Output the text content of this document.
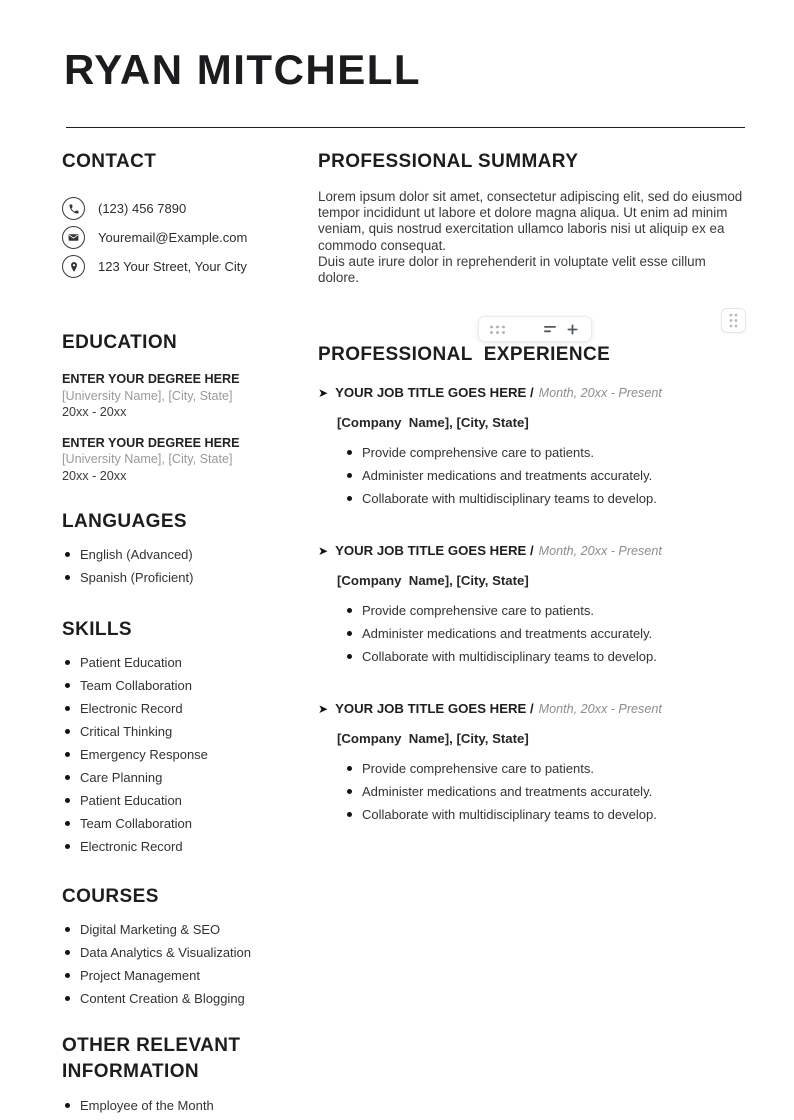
RYAN MITCHELL
CONTACT
(123) 456 7890
Youremail@Example.com
123 Your Street, Your City
EDUCATION
ENTER YOUR DEGREE HERE
[University Name], [City, State]
20xx - 20xx
ENTER YOUR DEGREE HERE
[University Name], [City, State]
20xx - 20xx
LANGUAGES
English (Advanced)
Spanish (Proficient)
SKILLS
Patient Education
Team Collaboration
Electronic Record
Critical Thinking
Emergency Response
Care Planning
Patient Education
Team Collaboration
Electronic Record
COURSES
Digital Marketing & SEO
Data Analytics & Visualization
Project Management
Content Creation & Blogging
OTHER RELEVANT INFORMATION
Employee of the Month
PROFESSIONAL SUMMARY
Lorem ipsum dolor sit amet, consectetur adipiscing elit, sed do eiusmod tempor incididunt ut labore et dolore magna aliqua. Ut enim ad minim veniam, quis nostrud exercitation ullamco laboris nisi ut aliquip ex ea commodo consequat.
Duis aute irure dolor in reprehenderit in voluptate velit esse cillum dolore.
PROFESSIONAL  EXPERIENCE
➤ YOUR JOB TITLE GOES HERE / Month, 20xx - Present
[Company  Name], [City, State]
Provide comprehensive care to patients.
Administer medications and treatments accurately.
Collaborate with multidisciplinary teams to develop.
➤ YOUR JOB TITLE GOES HERE / Month, 20xx - Present
[Company  Name], [City, State]
Provide comprehensive care to patients.
Administer medications and treatments accurately.
Collaborate with multidisciplinary teams to develop.
➤ YOUR JOB TITLE GOES HERE / Month, 20xx - Present
[Company  Name], [City, State]
Provide comprehensive care to patients.
Administer medications and treatments accurately.
Collaborate with multidisciplinary teams to develop.
